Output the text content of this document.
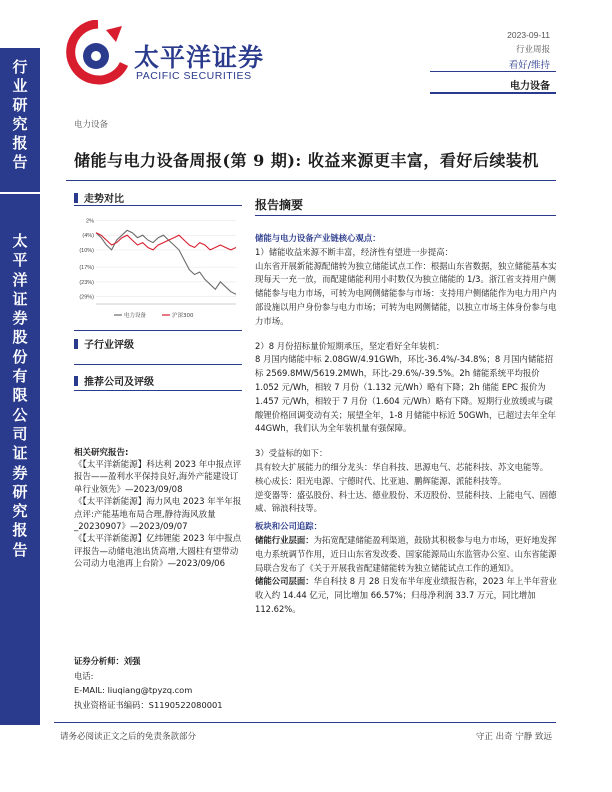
太平洋证券
PACIFIC SECURITIES
2023-09-11
行业周报
看好/维持
电力设备
行业研究报告
太平洋证券股份有限公司证券研究报告
电力设备
储能与电力设备周报(第 9 期): 收益来源更丰富，看好后续装机
走势对比
2%
(4%)
(10%)
(17%)
(23%)
(29%)
电力设备	沪深300
子行业评级
推荐公司及评级
相关研究报告:

《【太平洋新能源】科达利 2023 年中报点评报告——盈利水平保持良好,海外产能建设订单行业领先》—2023/09/08

《【太平洋新能源】海力风电 2023 年半年报点评:产能基地布局合理,静待海风放量_20230907》—2023/09/07

《【太平洋新能源】亿纬锂能 2023 年中报点评报告—动储电池出货高增,大圆柱有望带动公司动力电池再上台阶》—2023/09/06

证券分析师：刘强
电话:
E-MAIL: liuqiang@tpyzq.com
执业资格证书编码：S1190522080001
报告摘要

储能与电力设备产业链核心观点：

1）储能收益来源不断丰富，经济性有望进一步提高：

山东省开展新能源配储转为独立储能试点工作：根据山东省数据，独立储能基本实现每天一充一放，而配建储能利用小时数仅为独立储能的 1/3。浙江省支持用户侧储能参与电力市场，可转为电网侧储能参与市场：支持用户侧储能作为电力用户内部设施以用户身份参与电力市场；可转为电网侧储能，以独立市场主体身份参与电力市场。

2）8 月份招标量价短期承压，坚定看好全年装机：

8 月国内储能中标 2.08GW/4.91GWh，环比-36.4%/-34.8%；8 月国内储能招标 2569.8MW/5619.2MWh，环比-29.6%/-39.5%。2h 储能系统平均报价 1.052 元/Wh，相较 7 月份（1.132 元/Wh）略有下降；2h 储能 EPC 报价为 1.457 元/Wh，相较于 7 月份（1.604 元/Wh）略有下降。短期行业放缓或与碳酸锂价格回调变动有关；展望全年，1-8 月储能中标近 50GWh，已超过去年全年 44GWh，我们认为全年装机量有强保障。

3）受益标的如下：

具有较大扩展能力的细分龙头：华自科技、思源电气、芯能科技、苏文电能等。

核心成长：阳光电源、宁德时代、比亚迪、鹏辉能源、派能科技等。

逆变器等：盛弘股份、科士达、德业股份、禾迈股份、昱能科技、上能电气、固德威、锦浪科技等。

板块和公司追踪：

储能行业层面：为拓宽配建储能盈利渠道，鼓励其积极参与电力市场，更好地发挥电力系统调节作用，近日山东省发改委、国家能源局山东监管办公室、山东省能源局联合发布了《关于开展我省配建储能转为独立储能试点工作的通知》。

储能公司层面：华自科技 8 月 28 日发布半年度业绩报告称，2023 年上半年营业收入约 14.44 亿元，同比增加 66.57%；归母净利润 33.7 万元，同比增加 112.62%。

请务必阅读正文之后的免责条款部分	守正 出奇 宁静 致远
